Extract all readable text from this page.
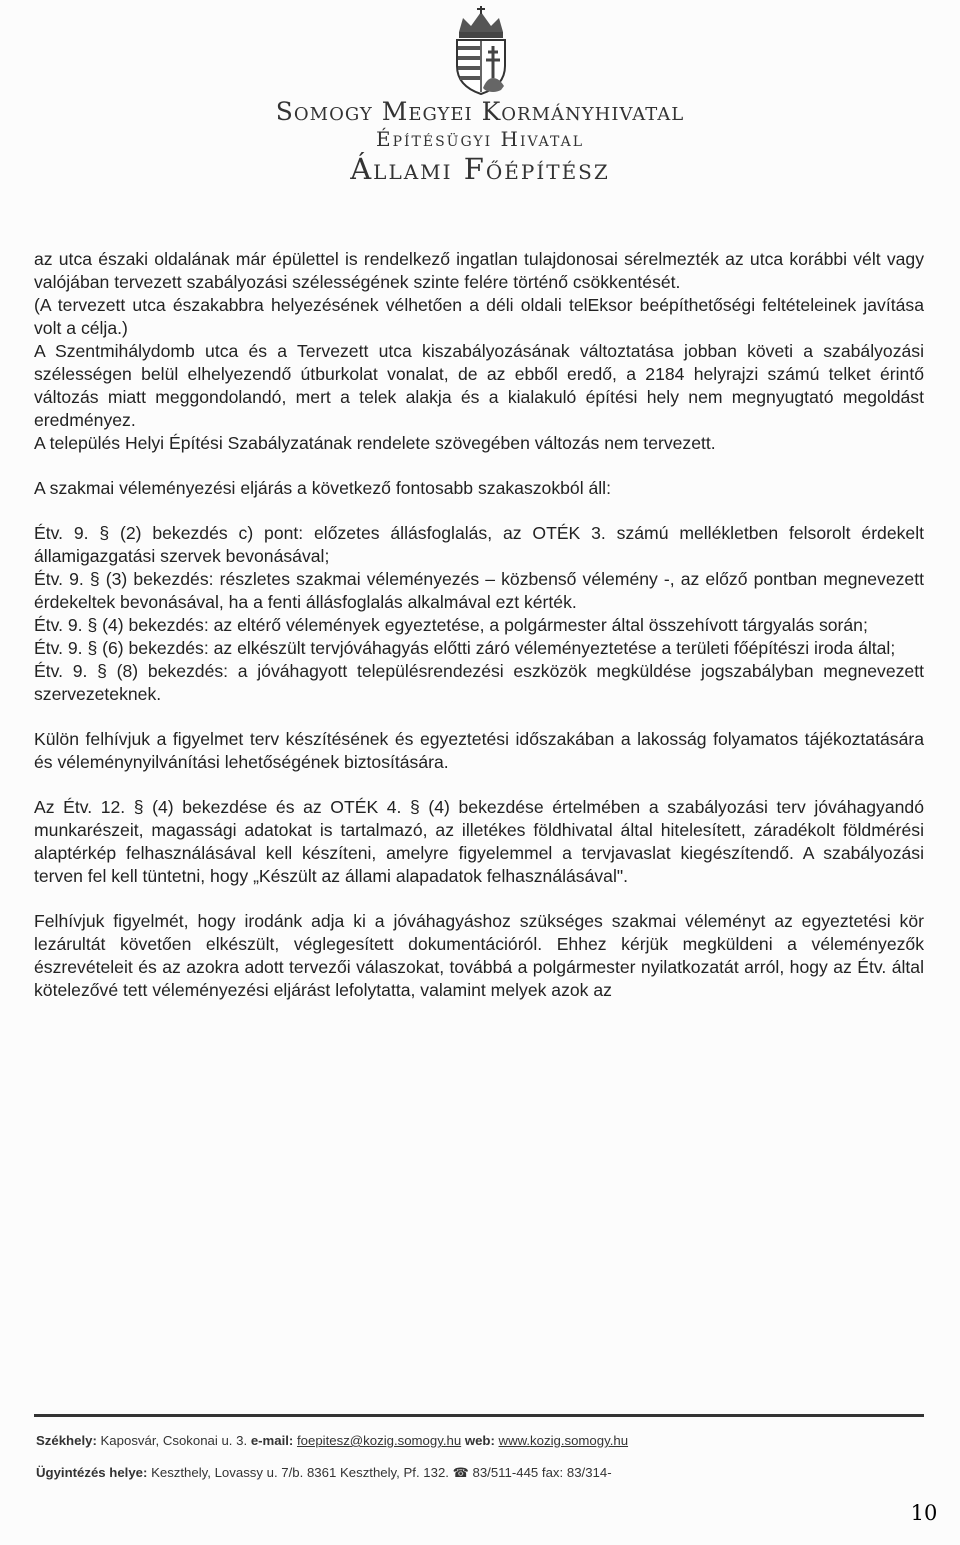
Somogy Megyei Kormányhivatal
Építésügyi Hivatal
Állami Főépítész

az utca északi oldalának már épülettel is rendelkező ingatlan tulajdonosai sérelmezték az utca korábbi vélt vagy valójában tervezett szabályozási szélességének szinte felére történő csökkentését.

(A tervezett utca északabbra helyezésének vélhetően a déli oldali telEksor beépíthetőségi feltételeinek javítása volt a célja.)

A Szentmihálydomb utca és a Tervezett utca kiszabályozásának változtatása jobban követi a szabályozási szélességen belül elhelyezendő útburkolat vonalat, de az ebből eredő, a 2184 helyrajzi számú telket érintő változás miatt meggondolandó, mert a telek alakja és a kialakuló építési hely nem megnyugtató megoldást eredményez.

A település Helyi Építési Szabályzatának rendelete szövegében változás nem tervezett.

A szakmai véleményezési eljárás a következő fontosabb szakaszokból áll:

Étv. 9. § (2) bekezdés c) pont: előzetes állásfoglalás, az OTÉK 3. számú mellékletben felsorolt érdekelt államigazgatási szervek bevonásával;

Étv. 9. § (3) bekezdés: részletes szakmai véleményezés – közbenső vélemény -, az előző pontban megnevezett érdekeltek bevonásával, ha a fenti állásfoglalás alkalmával ezt kérték.

Étv. 9. § (4) bekezdés: az eltérő vélemények egyeztetése, a polgármester által összehívott tárgyalás során;

Étv. 9. § (6) bekezdés: az elkészült tervjóváhagyás előtti záró véleményeztetése a területi főépítészi iroda által;

Étv. 9. § (8) bekezdés: a jóváhagyott településrendezési eszközök megküldése jogszabályban megnevezett szervezeteknek.

Külön felhívjuk a figyelmet terv készítésének és egyeztetési időszakában a lakosság folyamatos tájékoztatására és véleménynyilvánítási lehetőségének biztosítására.

Az Étv. 12. § (4) bekezdése és az OTÉK 4. § (4) bekezdése értelmében a szabályozási terv jóváhagyandó munkarészeit, magassági adatokat is tartalmazó, az illetékes földhivatal által hitelesített, záradékolt földmérési alaptérkép felhasználásával kell készíteni, amelyre figyelemmel a tervjavaslat kiegészítendő. A szabályozási terven fel kell tüntetni, hogy „Készült az állami alapadatok felhasználásával".

Felhívjuk figyelmét, hogy irodánk adja ki a jóváhagyáshoz szükséges szakmai véleményt az egyeztetési kör lezárultát követően elkészült, véglegesített dokumentációról. Ehhez kérjük megküldeni a véleményezők észrevételeit és az azokra adott tervezői válaszokat, továbbá a polgármester nyilatkozatát arról, hogy az Étv. által kötelezővé tett véleményezési eljárást lefolytatta, valamint melyek azok az

Székhely: Kaposvár, Csokonai u. 3. e-mail: foepitesz@kozig.somogy.hu web: www.kozig.somogy.hu
Ügyintézés helye: Keszthely, Lovassy u. 7/b. 8361 Keszthely, Pf. 132. ☎ 83/511-445 fax: 83/314-
10
